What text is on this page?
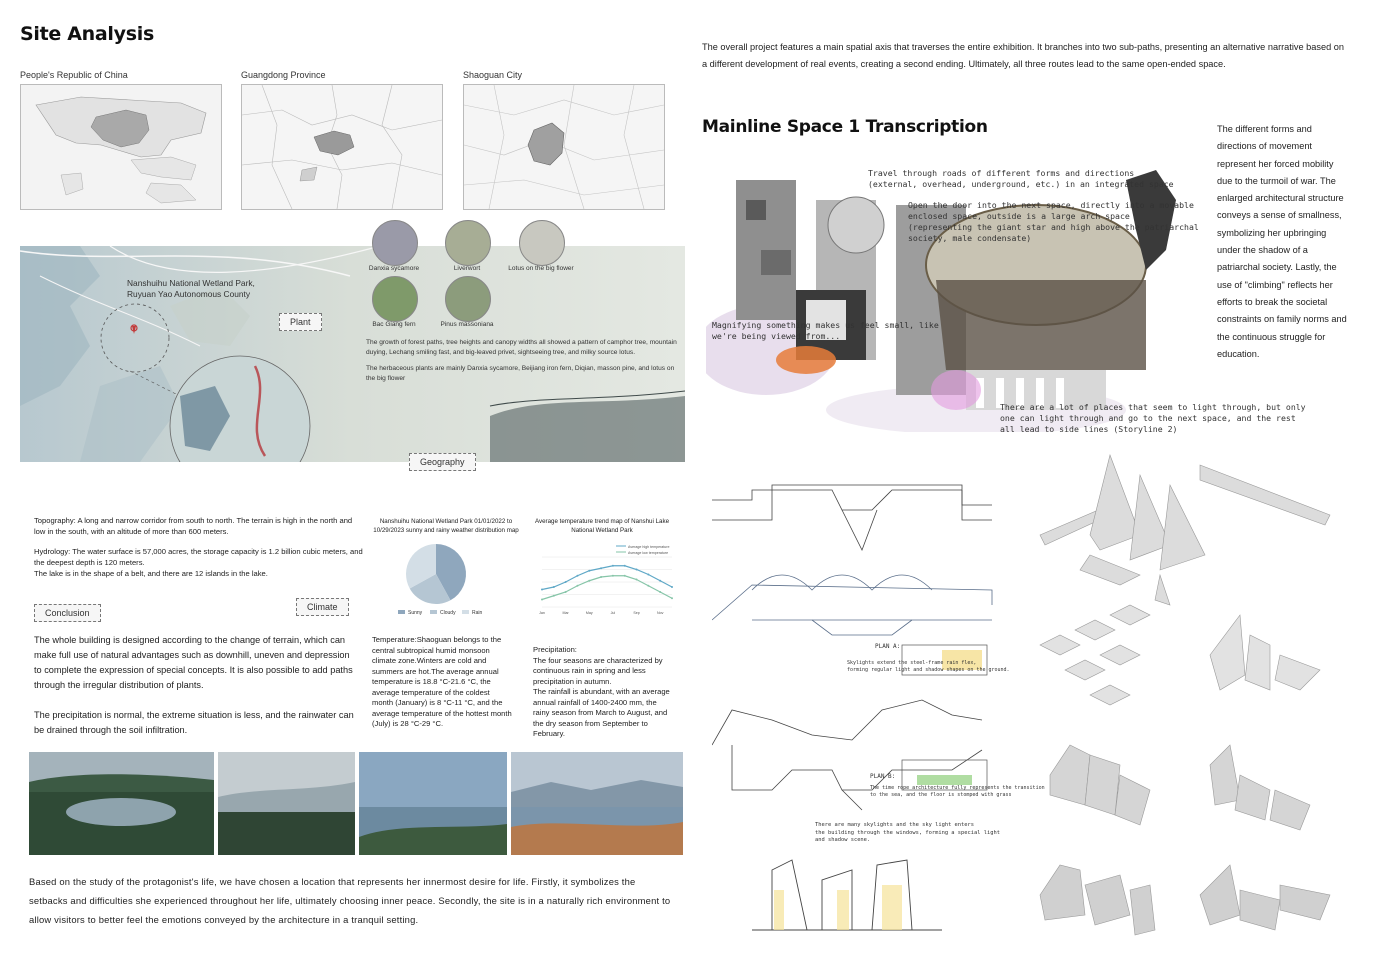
Site Analysis
People's Republic of China	Guangdong Province	Shaoguan City
Nanshuihu National Wetland Park,
Ruyuan Yao Autonomous County
Plant
Geography
Danxia sycamore	Liverwort	Lotus on the big flower
Bac Giang fern	Pinus massoniana
The growth of forest paths, tree heights and canopy widths all showed a pattern of camphor tree, mountain duying, Lechang smiling fast, and big-leaved privet, sightseeing tree, and milky source lotus.
The herbaceous plants are mainly Danxia sycamore, Beijiang iron fern, Diqian, masson pine, and lotus on the big flower
Topography: A long and narrow corridor from south to north. The terrain is high in the north and low in the south, with an altitude of more than 600 meters.
Hydrology: The water surface is 57,000 acres, the storage capacity is 1.2 billion cubic meters, and the deepest depth is 120 meters.
The lake is in the shape of a belt, and there are 12 islands in the lake.
Conclusion
Climate
Nanshuihu National Wetland Park 01/01/2022 to 10/29/2023 sunny and rainy weather distribution map
Sunny	Cloudy	Rain
Average temperature trend map of Nanshui Lake National Wetland Park
Average high temperature
Average low temperature
Jan	Mar	May	Jul	Sep	Nov
The whole building is designed according to the change of terrain, which can make full use of natural advantages such as downhill, uneven and depression to complete the expression of special concepts. It is also possible to add paths through the irregular distribution of plants.
The precipitation is normal, the extreme situation is less, and the rainwater can be drained through the soil infiltration.
Temperature:Shaoguan belongs to the central subtropical humid monsoon climate zone.Winters are cold and summers are hot.The average annual temperature is 18.8 °C-21.6 °C, the average temperature of the coldest month (January) is 8 °C-11 °C, and the average temperature of the hottest month (July) is 28 °C-29 °C.
Precipitation:
The four seasons are characterized by continuous rain in spring and less precipitation in autumn.
The rainfall is abundant, with an average annual rainfall of 1400-2400 mm, the rainy season from March to August, and the dry season from September to February.
Based on the study of the protagonist's life, we have chosen a location that represents her innermost desire for life. Firstly, it symbolizes the setbacks and difficulties she experienced throughout her life, ultimately choosing inner peace. Secondly, the site is in a naturally rich environment to allow visitors to better feel the emotions conveyed by the architecture in a tranquil setting.
The overall project features a main spatial axis that traverses the entire exhibition. It branches into two sub-paths, presenting an alternative narrative based on a different development of real events, creating a second ending. Ultimately, all three routes lead to the same open-ended space.
Mainline Space 1 Transcription	The different forms and directions of movement represent her forced mobility due to the turmoil of war. The enlarged architectural structure conveys a sense of smallness, symbolizing her upbringing under the shadow of a patriarchal society. Lastly, the use of "climbing" reflects her efforts to break the societal constraints on family norms and the continuous struggle for education.
Travel through roads of different forms and directions
(external, overhead, underground, etc.) in an integrated space
Open the door into the next space, directly into a movable
enclosed space, outside is a large arch space
(representing the giant star and high above the patriarchal
society, male condensate)
Magnifying something makes us feel small, like
we're being viewed from...
There are a lot of places that seem to light through, but only
one can light through and go to the next space, and the rest
all lead to side lines (Storyline 2)
PLAN A:
Skylights extend the steel-frame rain flex,
forming regular light and shadow shapes on the ground.
PLAN B:
The time rope architecture fully represents the transition
to the sea, and the floor is stomped with grass
There are many skylights and the sky light enters
the building through the windows, forming a special light
and shadow scene.
